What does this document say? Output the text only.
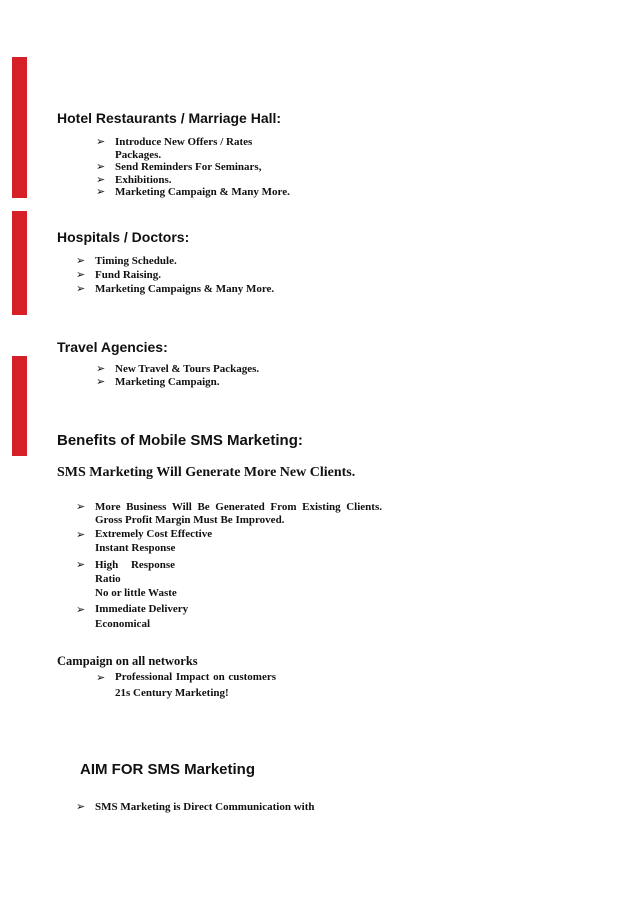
Hotel Restaurants / Marriage Hall:
➢ Introduce New Offers / Rates Packages.
➢ Send Reminders For Seminars,
➢ Exhibitions.
➢ Marketing Campaign & Many More.
Hospitals / Doctors:
➢ Timing Schedule.
➢ Fund Raising.
➢ Marketing Campaigns & Many More.
Travel Agencies:
➢ New Travel & Tours Packages.
➢ Marketing Campaign.
Benefits of Mobile SMS Marketing:
SMS Marketing Will Generate More New Clients.
➢ More Business Will Be Generated From Existing Clients. Gross Profit Margin Must Be Improved.
➢ Extremely Cost Effective
Instant Response
➢ High Response Ratio
No or little Waste
➢ Immediate Delivery
Economical
Campaign on all networks
➢ Professional Impact on customers 21s Century Marketing!
AIM FOR SMS Marketing
➢ SMS Marketing is Direct Communication with
